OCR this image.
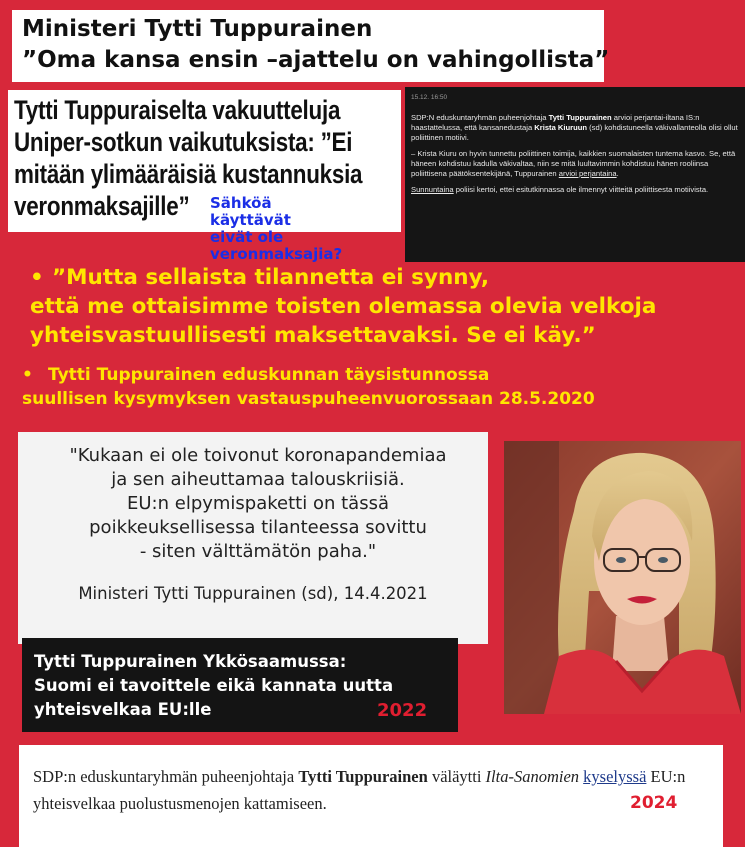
Ministeri Tytti Tuppurainen
”Oma kansa ensin –ajattelu on vahingollista”
Tytti Tuppuraiselta vakuutteluja
Uniper-sotkun vaikutuksista: ”Ei
mitään ylimääräisiä kustannuksia
veronmaksajille”	Sähköä
käyttävät
eivät ole
veronmaksajia?
15.12. 16:50

SDP:N eduskuntaryhmän puheenjohtaja Tytti Tuppurainen arvioi perjantai-iltana IS:n haastattelussa, että kansanedustaja Krista Kiuruun (sd) kohdistuneella väkivallanteolla olisi ollut poliittinen motiivi.

– Krista Kiuru on hyvin tunnettu poliittinen toimija, kaikkien suomalaisten tuntema kasvo. Se, että häneen kohdistuu kadulla väkivaltaa, niin se mitä luultavimmin kohdistuu hänen rooliinsa poliittisena päätöksentekijänä, Tuppurainen arvioi perjantaina.

Sunnuntaina poliisi kertoi, ettei esitutkinnassa ole ilmennyt viitteitä poliittisesta motiivista.

• ”Mutta sellaista tilannetta ei synny,
että me ottaisimme toisten olemassa olevia velkoja
yhteisvastuullisesti maksettavaksi. Se ei käy.”
• Tytti Tuppurainen eduskunnan täysistunnossa
suullisen kysymyksen vastauspuheenvuorossaan 28.5.2020
"Kukaan ei ole toivonut koronapandemiaa
ja sen aiheuttamaa talouskriisiä.
EU:n elpymispaketti on tässä
poikkeuksellisessa tilanteessa sovittu
- siten välttämätön paha."
Ministeri Tytti Tuppurainen (sd), 14.4.2021
Tytti Tuppurainen Ykkösaamussa:
Suomi ei tavoittele eikä kannata uutta
yhteisvelkaa EU:lle	2022
SDP:n eduskuntaryhmän puheenjohtaja Tytti Tuppurainen väläytti Ilta-Sanomien kyselyssä EU:n
yhteisvelkaa puolustusmenojen kattamiseen.	2024
